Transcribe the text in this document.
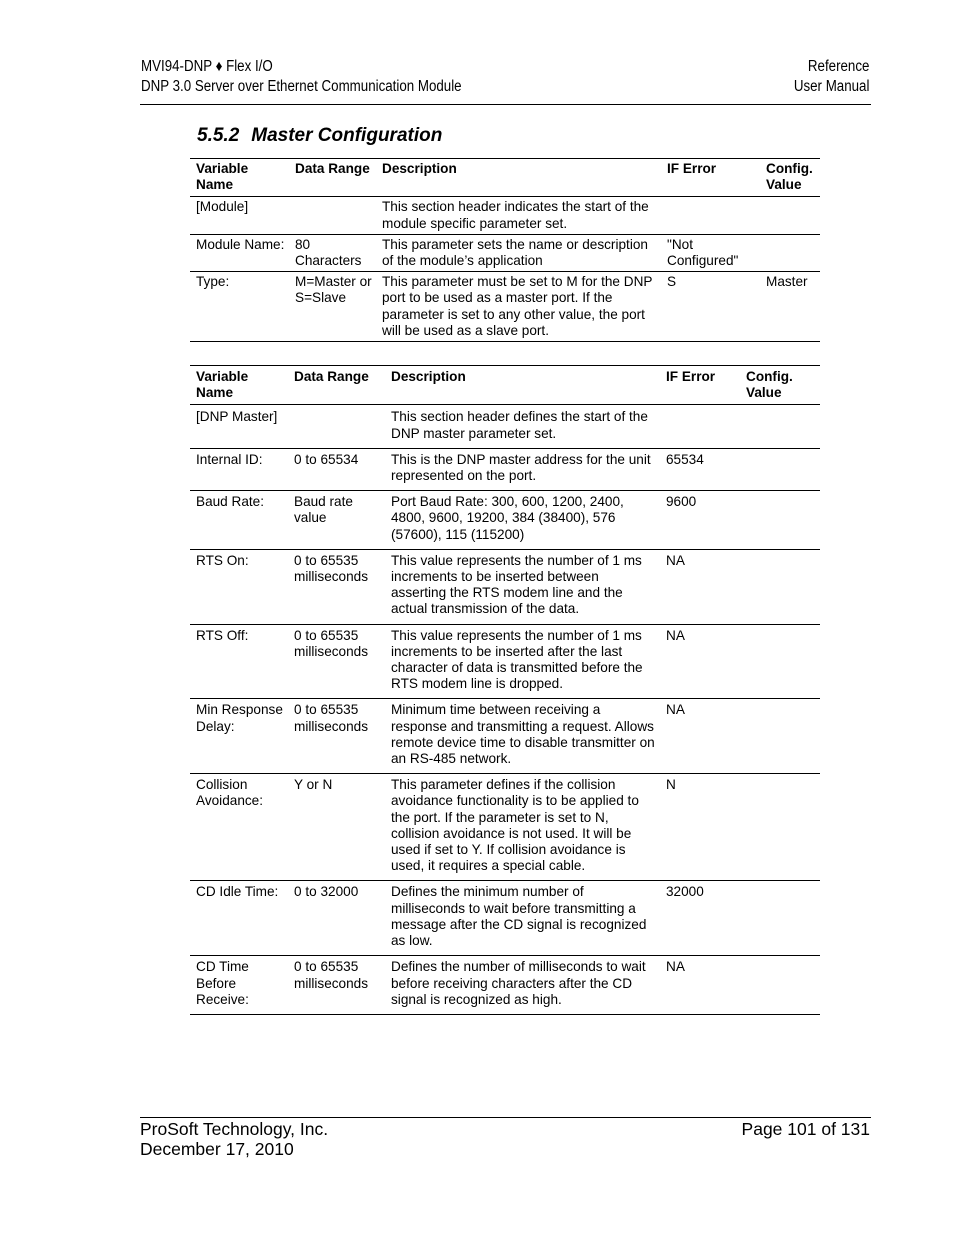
MVI94-DNP ♦ Flex I/O
DNP 3.0 Server over Ethernet Communication Module
Reference
User Manual
5.5.2 Master Configuration
Variable Name	Data Range	Description	IF Error	Config. Value
[Module]		This section header indicates the start of the module specific parameter set.		
Module Name:	80 Characters	This parameter sets the name or description of the module’s application	"Not Configured"	
Type:	M=Master or S=Slave	This parameter must be set to M for the DNP port to be used as a master port. If the parameter is set to any other value, the port will be used as a slave port.	S	Master
Variable Name	Data Range	Description	IF Error	Config. Value
[DNP Master]		This section header defines the start of the DNP master parameter set.		
Internal ID:	0 to 65534	This is the DNP master address for the unit represented on the port.	65534	
Baud Rate:	Baud rate value	Port Baud Rate: 300, 600, 1200, 2400, 4800, 9600, 19200, 384 (38400), 576 (57600), 115 (115200)	9600	
RTS On:	0 to 65535 milliseconds	This value represents the number of 1 ms increments to be inserted between asserting the RTS modem line and the actual transmission of the data.	NA	
RTS Off:	0 to 65535 milliseconds	This value represents the number of 1 ms increments to be inserted after the last character of data is transmitted before the RTS modem line is dropped.	NA	
Min Response Delay:	0 to 65535 milliseconds	Minimum time between receiving a response and transmitting a request. Allows remote device time to disable transmitter on an RS-485 network.	NA	
Collision Avoidance:	Y or N	This parameter defines if the collision avoidance functionality is to be applied to the port. If the parameter is set to N, collision avoidance is not used. It will be used if set to Y. If collision avoidance is used, it requires a special cable.	N	
CD Idle Time:	0 to 32000	Defines the minimum number of milliseconds to wait before transmitting a message after the CD signal is recognized as low.	32000	
CD Time Before Receive:	0 to 65535 milliseconds	Defines the number of milliseconds to wait before receiving characters after the CD signal is recognized as high.	NA	
ProSoft Technology, Inc.
December 17, 2010
Page 101 of 131
